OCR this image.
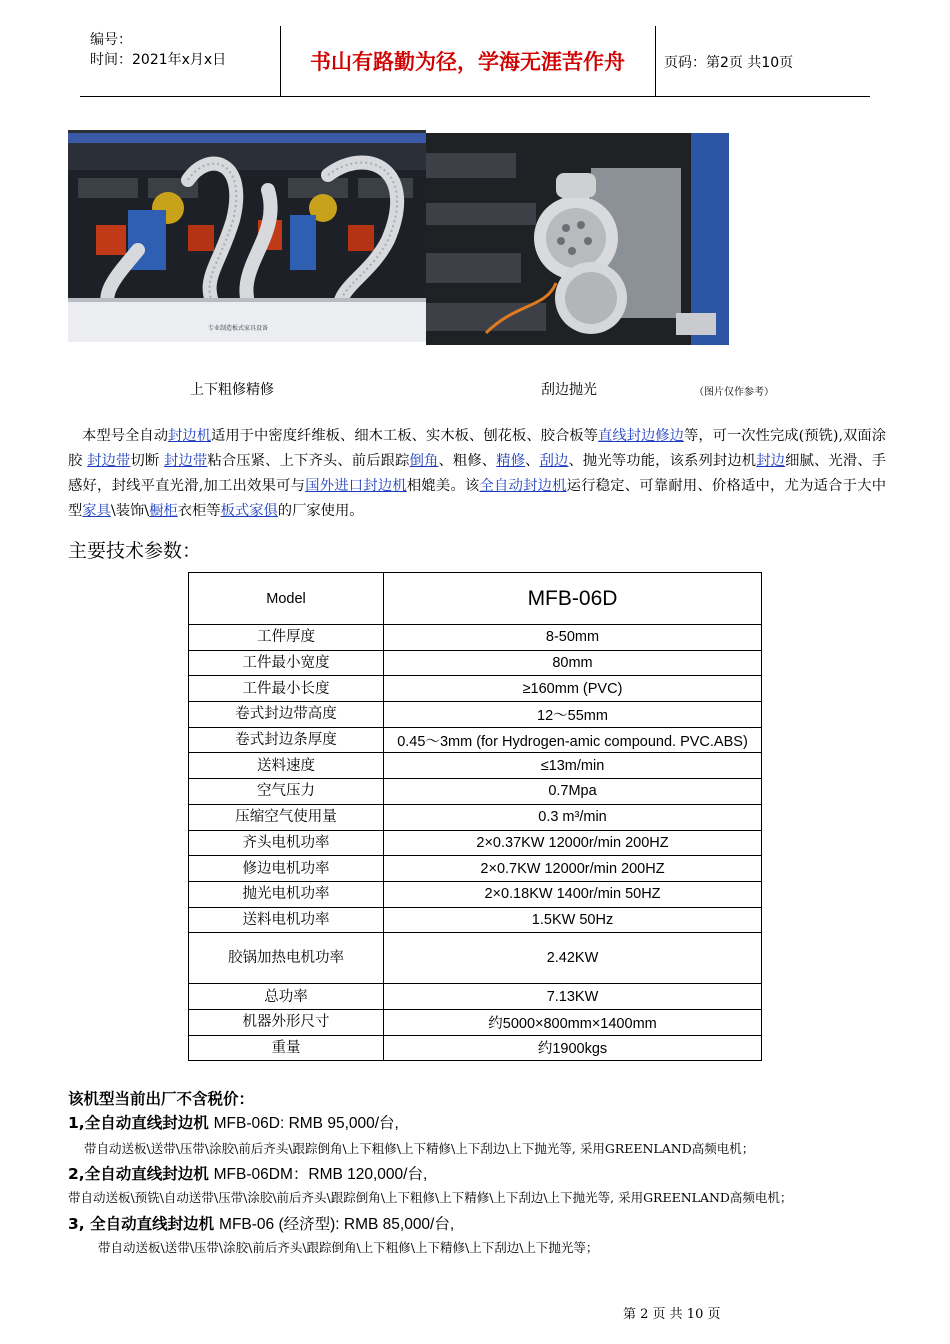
编号：
时间：2021年x月x日	书山有路勤为径，学海无涯苦作舟	页码：第2页 共10页
专业制造板式家具设备
上下粗修精修	刮边抛光	（图片仅作参考）
本型号全自动封边机适用于中密度纤维板、细木工板、实木板、刨花板、胶合板等直线封边修边等，可一次性完成(预铣),双面涂胶 封边带切断 封边带粘合压紧、上下齐头、前后跟踪倒角、粗修、精修、刮边、抛光等功能，该系列封边机封边细腻、光滑、手感好，封线平直光滑,加工出效果可与国外进口封边机相媲美。该全自动封边机运行稳定、可靠耐用、价格适中，尤为适合于大中型家具\装饰\橱柜衣柜等板式家俱的厂家使用。
主要技术参数：
Model	MFB-06D
工件厚度	8-50mm
工件最小宽度	80mm
工件最小长度	≥160mm (PVC)
卷式封边带高度	12～55mm
卷式封边条厚度	0.45～3mm (for Hydrogen-amic compound. PVC.ABS)
送料速度	≤13m/min
空气压力	0.7Mpa
压缩空气使用量	0.3 m³/min
齐头电机功率	2×0.37KW 12000r/min 200HZ
修边电机功率	2×0.7KW 12000r/min 200HZ
抛光电机功率	2×0.18KW 1400r/min 50HZ
送料电机功率	1.5KW 50Hz
胶锅加热电机功率	2.42KW
总功率	7.13KW
机器外形尺寸	约5000×800mm×1400mm
重量	约1900kgs
该机型当前出厂不含税价：
1,全自动直线封边机 MFB-06D: RMB 95,000/台,
带自动送板\送带\压带\涂胶\前后齐头\跟踪倒角\上下粗修\上下精修\上下刮边\上下抛光等, 采用GREENLAND高频电机；
2,全自动直线封边机 MFB-06DM：RMB 120,000/台,
带自动送板\预铣\自动送带\压带\涂胶\前后齐头\跟踪倒角\上下粗修\上下精修\上下刮边\上下抛光等, 采用GREENLAND高频电机；
3, 全自动直线封边机 MFB-06 (经济型): RMB 85,000/台,
带自动送板\送带\压带\涂胶\前后齐头\跟踪倒角\上下粗修\上下精修\上下刮边\上下抛光等；
第 2 页 共 10 页
